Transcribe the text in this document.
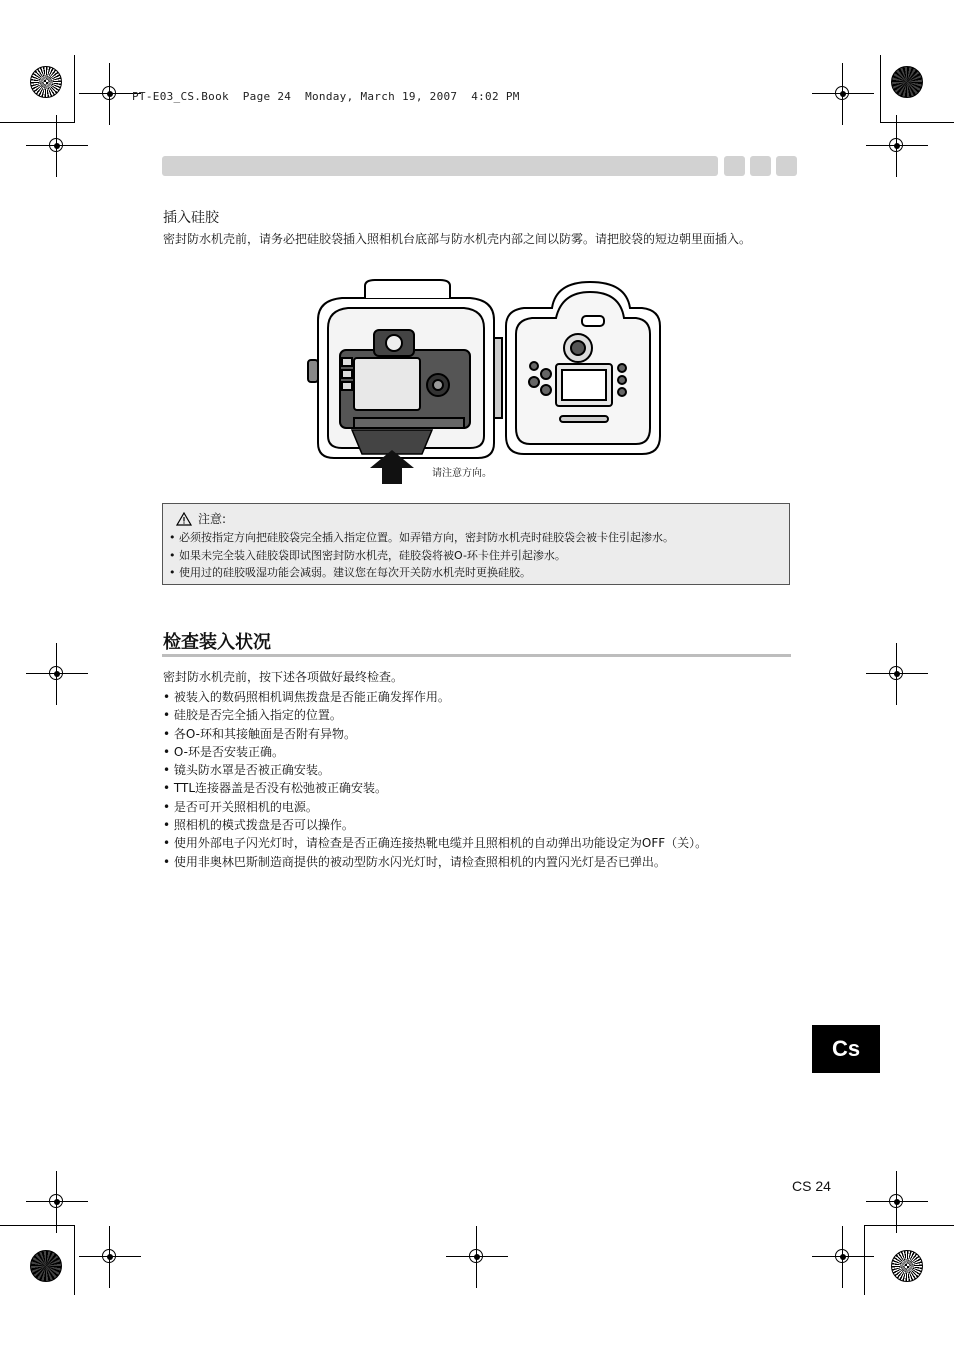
PT-E03_CS.Book  Page 24  Monday, March 19, 2007  4:02 PM
插入硅胶
密封防水机壳前，请务必把硅胶袋插入照相机台底部与防水机壳内部之间以防雾。请把胶袋的短边朝里面插入。
请注意方向。
注意:
• 必须按指定方向把硅胶袋完全插入指定位置。如弄错方向，密封防水机壳时硅胶袋会被卡住引起渗水。
• 如果未完全装入硅胶袋即试图密封防水机壳，硅胶袋将被O-环卡住并引起渗水。
• 使用过的硅胶吸湿功能会减弱。建议您在每次开关防水机壳时更换硅胶。
检查装入状况
密封防水机壳前，按下述各项做好最终检查。
• 被装入的数码照相机调焦拨盘是否能正确发挥作用。
• 硅胶是否完全插入指定的位置。
• 各O-环和其接触面是否附有异物。
• O-环是否安装正确。
• 镜头防水罩是否被正确安装。
• TTL连接器盖是否没有松弛被正确安装。
• 是否可开关照相机的电源。
• 照相机的模式拨盘是否可以操作。
• 使用外部电子闪光灯时，请检查是否正确连接热靴电缆并且照相机的自动弹出功能设定为OFF（关）。
• 使用非奥林巴斯制造商提供的被动型防水闪光灯时，请检查照相机的内置闪光灯是否已弹出。
Cs
CS 24
